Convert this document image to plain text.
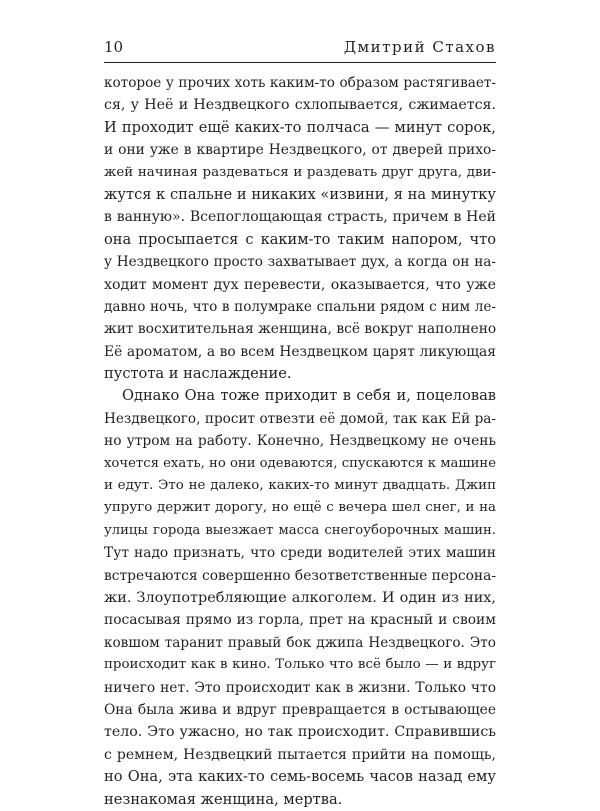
10	Дмитрий Стахов
которое у прочих хоть каким-то образом растягивает-
ся, у Неё и Нездвецкого схлопывается, сжимается.
И проходит ещё каких-то полчаса — минут сорок,
и они уже в квартире Нездвецкого, от дверей прихо-
жей начиная раздеваться и раздевать друг друга, дви-
жутся к спальне и никаких «извини, я на минутку
в ванную». Всепоглощающая страсть, причем в Ней
она просыпается с каким-то таким напором, что
у Нездвецкого просто захватывает дух, а когда он на-
ходит момент дух перевести, оказывается, что уже
давно ночь, что в полумраке спальни рядом с ним ле-
жит восхитительная женщина, всё вокруг наполнено
Её ароматом, а во всем Нездвецком царят ликующая
пустота и наслаждение.
Однако Она тоже приходит в себя и, поцеловав
Нездвецкого, просит отвезти её домой, так как Ей ра-
но утром на работу. Конечно, Нездвецкому не очень
хочется ехать, но они одеваются, спускаются к машине
и едут. Это не далеко, каких-то минут двадцать. Джип
упруго держит дорогу, но ещё с вечера шел снег, и на
улицы города выезжает масса снегоуборочных машин.
Тут надо признать, что среди водителей этих машин
встречаются совершенно безответственные персона-
жи. Злоупотребляющие алкоголем. И один из них,
посасывая прямо из горла, прет на красный и своим
ковшом таранит правый бок джипа Нездвецкого. Это
происходит как в кино. Только что всё было — и вдруг
ничего нет. Это происходит как в жизни. Только что
Она была жива и вдруг превращается в остывающее
тело. Это ужасно, но так происходит. Справившись
с ремнем, Нездвецкий пытается прийти на помощь,
но Она, эта каких-то семь-восемь часов назад ему
незнакомая женщина, мертва.
